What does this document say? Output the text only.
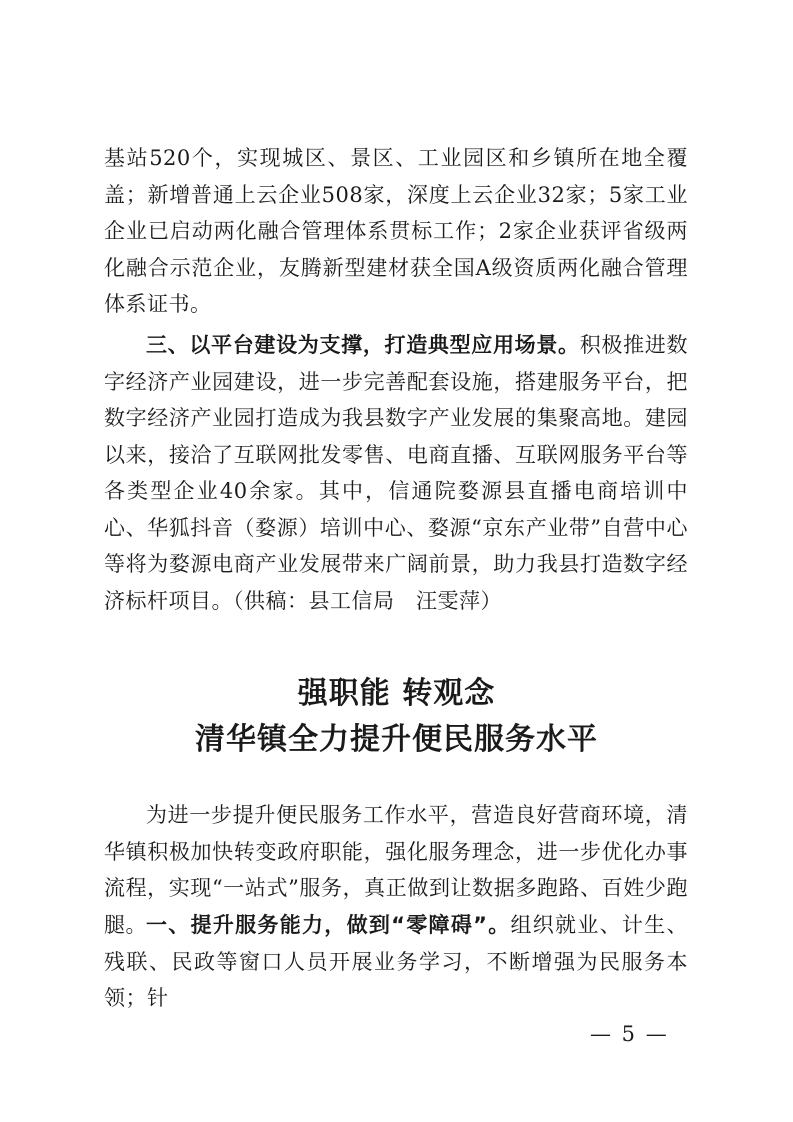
基站520个，实现城区、景区、工业园区和乡镇所在地全覆盖；新增普通上云企业508家，深度上云企业32家；5家工业企业已启动两化融合管理体系贯标工作；2家企业获评省级两化融合示范企业，友腾新型建材获全国A级资质两化融合管理体系证书。

三、以平台建设为支撑，打造典型应用场景。积极推进数字经济产业园建设，进一步完善配套设施，搭建服务平台，把数字经济产业园打造成为我县数字产业发展的集聚高地。建园以来，接洽了互联网批发零售、电商直播、互联网服务平台等各类型企业40余家。其中，信通院婺源县直播电商培训中心、华狐抖音（婺源）培训中心、婺源“京东产业带”自营中心等将为婺源电商产业发展带来广阔前景，助力我县打造数字经济标杆项目。（供稿：县工信局　汪雯萍）

强职能 转观念
清华镇全力提升便民服务水平

为进一步提升便民服务工作水平，营造良好营商环境，清华镇积极加快转变政府职能，强化服务理念，进一步优化办事流程，实现“一站式”服务，真正做到让数据多跑路、百姓少跑腿。 一、提升服务能力，做到“零障碍”。组织就业、计生、残联、民政等窗口人员开展业务学习，不断增强为民服务本领；针

— 5 —
